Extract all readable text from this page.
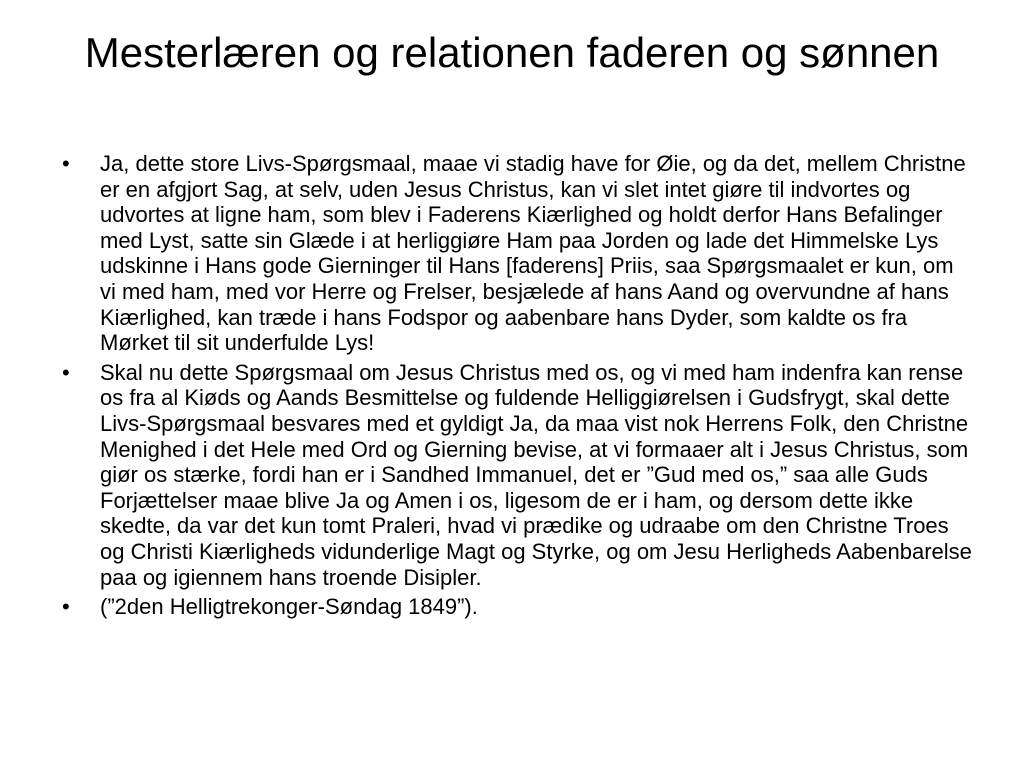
Mesterlæren og relationen faderen og sønnen
• Ja, dette store Livs-Spørgsmaal, maae vi stadig have for Øie, og da det, mellem Christne er en afgjort Sag, at selv, uden Jesus Christus, kan vi slet intet giøre til indvortes og udvortes at ligne ham, som blev i Faderens Kiærlighed og holdt derfor Hans Befalinger med Lyst, satte sin Glæde i at herliggiøre Ham paa Jorden og lade det Himmelske Lys udskinne i Hans gode Gierninger til Hans [faderens] Priis, saa Spørgsmaalet er kun, om vi med ham, med vor Herre og Frelser, besjælede af hans Aand og overvundne af hans Kiærlighed, kan træde i hans Fodspor og aabenbare hans Dyder, som kaldte os fra Mørket til sit underfulde Lys!
• Skal nu dette Spørgsmaal om Jesus Christus med os, og vi med ham indenfra kan rense os fra al Kiøds og Aands Besmittelse og fuldende Helliggiørelsen i Gudsfrygt, skal dette Livs-Spørgsmaal besvares med et gyldigt Ja, da maa vist nok Herrens Folk, den Christne Menighed i det Hele med Ord og Gierning bevise, at vi formaaer alt i Jesus Christus, som giør os stærke, fordi han er i Sandhed Immanuel, det er ”Gud med os,” saa alle Guds Forjættelser maae blive Ja og Amen i os, ligesom de er i ham, og dersom dette ikke skedte, da var det kun tomt Praleri, hvad vi prædike og udraabe om den Christne Troes og Christi Kiærligheds vidunderlige Magt og Styrke, og om Jesu Herligheds Aabenbarelse paa og igiennem hans troende Disipler.
• (”2den Helligtrekonger-Søndag 1849”).
